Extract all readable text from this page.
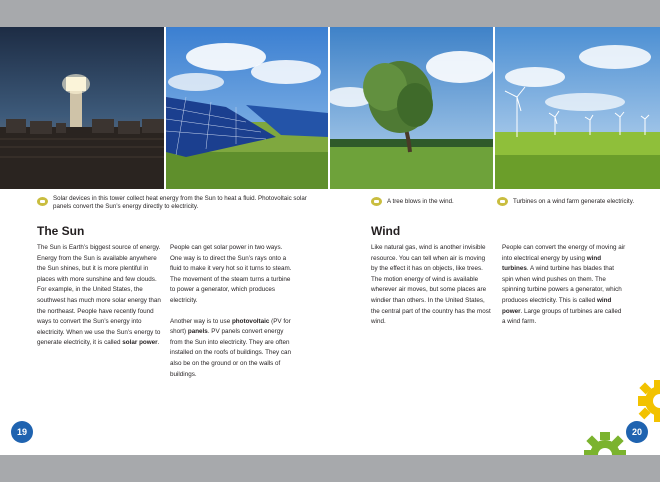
Solar devices in this tower collect heat energy from the Sun to heat a fluid. Photovoltaic solar panels convert the Sun’s energy directly to electricity.
A tree blows in the wind.	Turbines on a wind farm generate electricity.
The Sun
The Sun is Earth’s biggest source of energy. Energy from the Sun is available anywhere the Sun shines, but it is more plentiful in places with more sunshine and few clouds. For example, in the United States, the southwest has much more solar energy than the northeast. People have recently found ways to convert the Sun’s energy into electricity. When we use the Sun’s energy to generate electricity, it is called solar power.
People can get solar power in two ways. One way is to direct the Sun’s rays onto a fluid to make it very hot so it turns to steam. The movement of the steam turns a turbine to power a generator, which produces electricity.
Another way is to use photovoltaic (PV for short) panels. PV panels convert energy from the Sun into electricity. They are often installed on the roofs of buildings. They can also be on the ground or on the walls of buildings.
19
Wind
Like natural gas, wind is another invisible resource. You can tell when air is moving by the effect it has on objects, like trees. The motion energy of wind is available wherever air moves, but some places are windier than others. In the United States, the central part of the country has the most wind.
People can convert the energy of moving air into electrical energy by using wind turbines. A wind turbine has blades that spin when wind pushes on them. The spinning turbine powers a generator, which produces electricity. This is called wind power. Large groups of turbines are called a wind farm.
20
